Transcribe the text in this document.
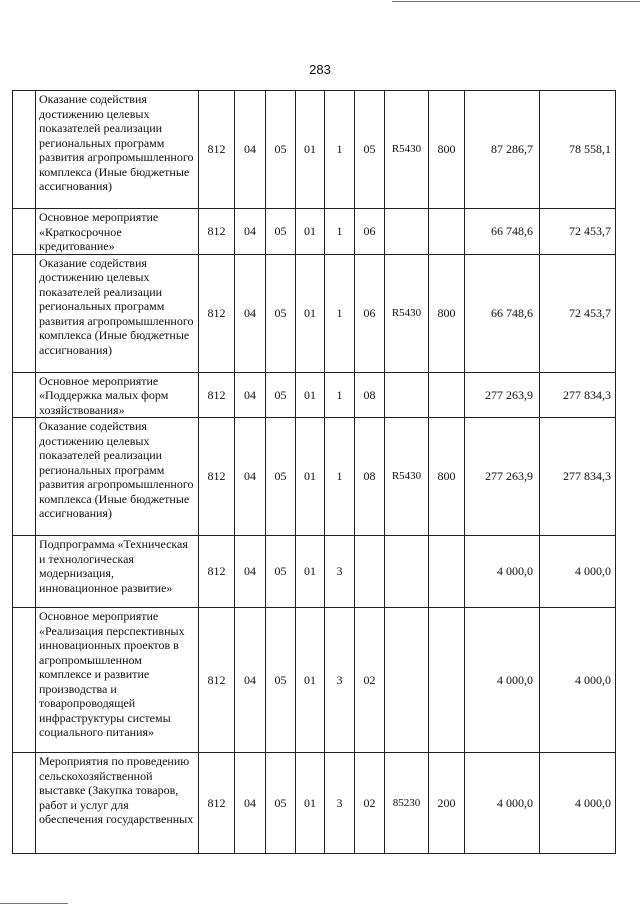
283
	Оказание содействия достижению целевых показателей реализации региональных программ развития агропромышленного комплекса (Иные бюджетные ассигнования)	812	04	05	01	1	05	R5430	800	87 286,7	78 558,1
	Основное мероприятие «Краткосрочное кредитование»	812	04	05	01	1	06			66 748,6	72 453,7
	Оказание содействия достижению целевых показателей реализации региональных программ развития агропромышленного комплекса (Иные бюджетные ассигнования)	812	04	05	01	1	06	R5430	800	66 748,6	72 453,7
	Основное мероприятие «Поддержка малых форм хозяйствования»	812	04	05	01	1	08			277 263,9	277 834,3
	Оказание содействия достижению целевых показателей реализации региональных программ развития агропромышленного комплекса (Иные бюджетные ассигнования)	812	04	05	01	1	08	R5430	800	277 263,9	277 834,3
	Подпрограмма «Техническая и технологическая модернизация, инновационное развитие»	812	04	05	01	3				4 000,0	4 000,0
	Основное мероприятие «Реализация перспективных инновационных проектов в агропромышленном комплексе и развитие производства и товаропроводящей инфраструктуры системы социального питания»	812	04	05	01	3	02			4 000,0	4 000,0
	Мероприятия по проведению сельскохозяйственной выставке (Закупка товаров, работ и услуг для обеспечения государственных	812	04	05	01	3	02	85230	200	4 000,0	4 000,0
